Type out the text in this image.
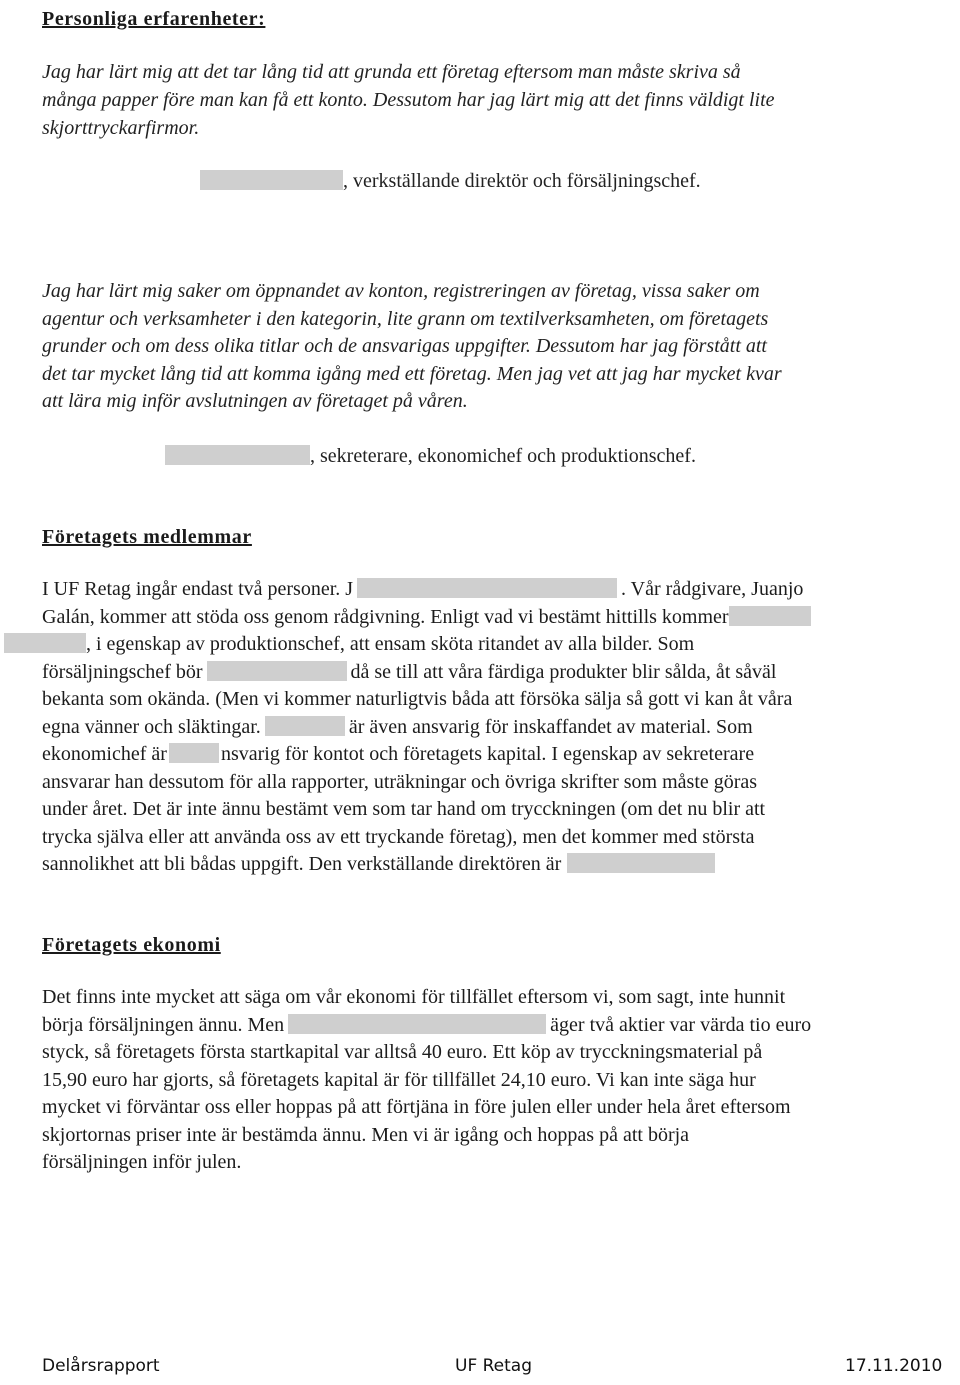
Personliga erfarenheter:
Jag har lärt mig att det tar lång tid att grunda ett företag eftersom man måste skriva så
många papper före man kan få ett konto. Dessutom har jag lärt mig att det finns väldigt lite
skjorttryckarfirmor.
, verkställande direktör och försäljningschef.
Jag har lärt mig saker om öppnandet av konton, registreringen av företag, vissa saker om
agentur och verksamheter i den kategorin, lite grann om textilverksamheten, om företagets
grunder och om dess olika titlar och de ansvarigas uppgifter. Dessutom har jag förstått att
det tar mycket lång tid att komma igång med ett företag. Men jag vet att jag har mycket kvar
att lära mig inför avslutningen av företaget på våren.
, sekreterare, ekonomichef och produktionschef.
Företagets medlemmar
I UF Retag ingår endast två personer. J	. Vår rådgivare, Juanjo
Galán, kommer att stöda oss genom rådgivning. Enligt vad vi bestämt hittills kommer
, i egenskap av produktionschef, att ensam sköta ritandet av alla bilder. Som
försäljningschef bör	då se till att våra färdiga produkter blir sålda, åt såväl
bekanta som okända. (Men vi kommer naturligtvis båda att försöka sälja så gott vi kan åt våra
egna vänner och släktingar.	är även ansvarig för inskaffandet av material. Som
ekonomichef är	nsvarig för kontot och företagets kapital. I egenskap av sekreterare
ansvarar han dessutom för alla rapporter, uträkningar och övriga skrifter som måste göras
under året. Det är inte ännu bestämt vem som tar hand om trycckningen (om det nu blir att
trycka själva eller att använda oss av ett tryckande företag), men det kommer med största
sannolikhet att bli bådas uppgift. Den verkställande direktören är
Företagets ekonomi
Det finns inte mycket att säga om vår ekonomi för tillfället eftersom vi, som sagt, inte hunnit
börja försäljningen ännu. Men	äger två aktier var värda tio euro
styck, så företagets första startkapital var alltså 40 euro. Ett köp av trycckningsmaterial på
15,90 euro har gjorts, så företagets kapital är för tillfället 24,10 euro. Vi kan inte säga hur
mycket vi förväntar oss eller hoppas på att förtjäna in före julen eller under hela året eftersom
skjortornas priser inte är bestämda ännu. Men vi är igång och hoppas på att börja
försäljningen inför julen.
Delårsrapport	UF Retag	17.11.2010
